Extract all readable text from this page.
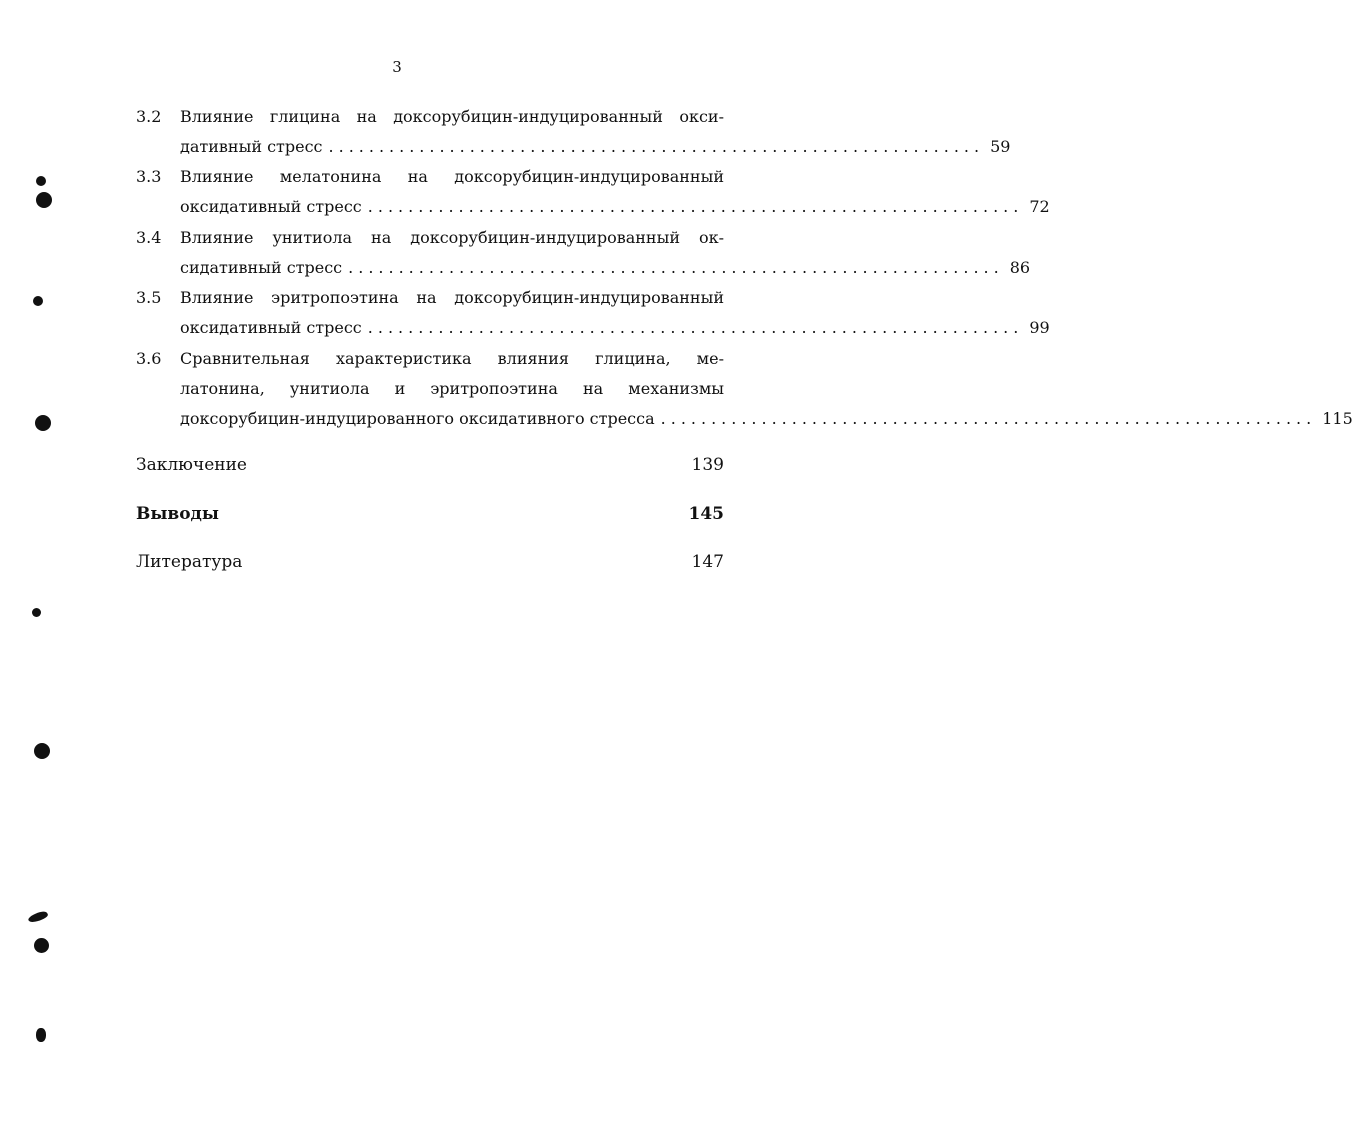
3
3.2 Влияние глицина на доксорубицин-индуцированный окси-
дативный стресс ................................................................. 59
3.3 Влияние мелатонина на доксорубицин-индуцированный
оксидативный стресс ................................................................. 72
3.4 Влияние унитиола на доксорубицин-индуцированный ок-
сидативный стресс ................................................................. 86
3.5 Влияние эритропоэтина на доксорубицин-индуцированный
оксидативный стресс ................................................................. 99
3.6 Сравнительная характеристика влияния глицина, ме-
латонина, унитиола и эритропоэтина на механизмы
доксорубицин-индуцированного оксидативного стресса ................................................................. 115
Заключение	139
Выводы	145
Литература	147
